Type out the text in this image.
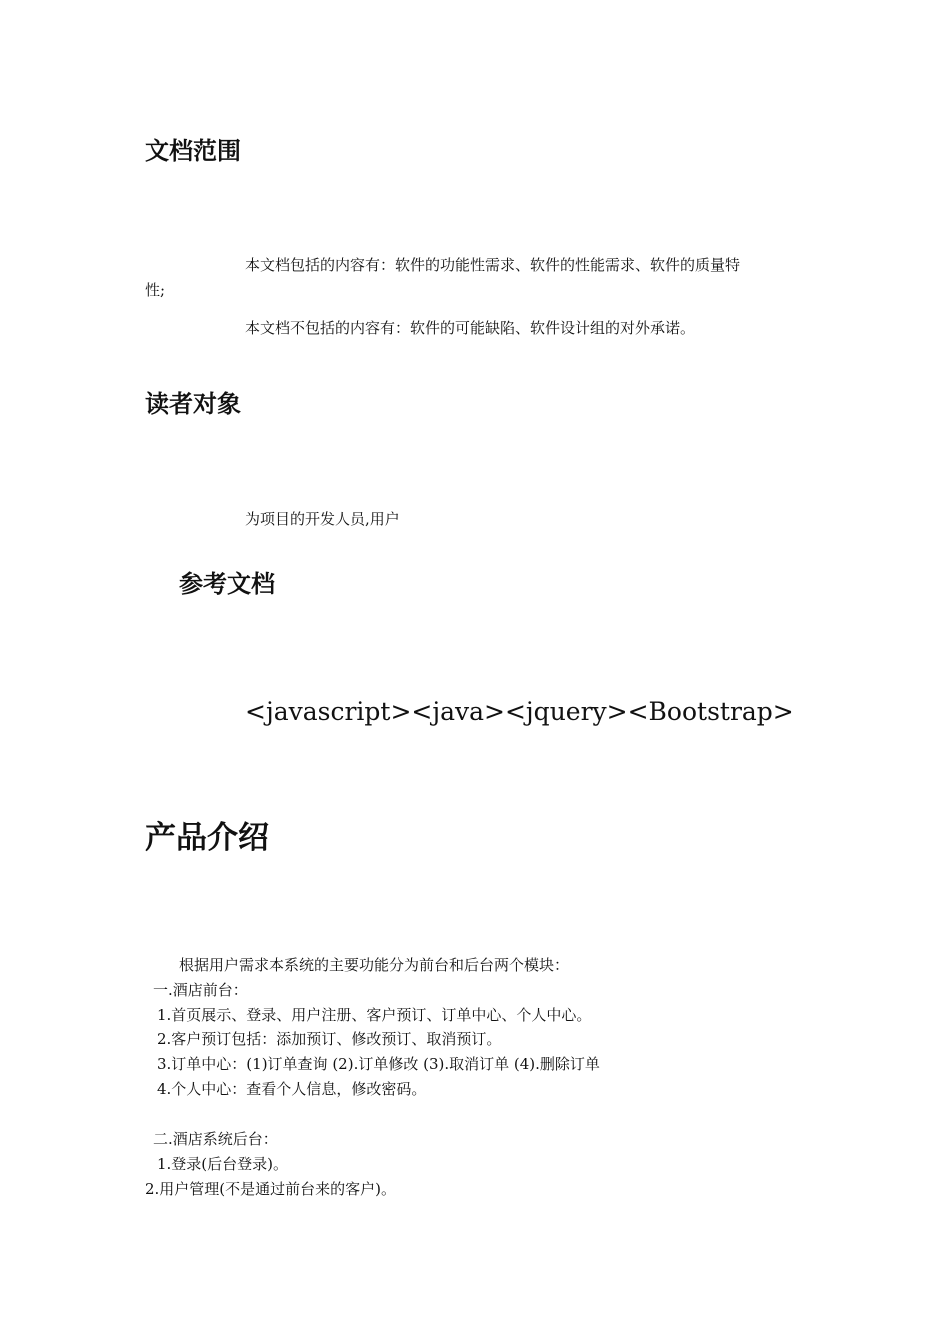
文档范围

本文档包括的内容有：软件的功能性需求、软件的性能需求、软件的质量特

性;

本文档不包括的内容有：软件的可能缺陷、软件设计组的对外承诺。

读者对象

为项目的开发人员,用户

参考文档

<javascript><java><jquery><Bootstrap>

产品介绍

根据用户需求本系统的主要功能分为前台和后台两个模块：

一.酒店前台：

1.首页展示、登录、用户注册、客户预订、订单中心、个人中心。

2.客户预订包括：添加预订、修改预订、取消预订。

3.订单中心：(1)订单查询 (2).订单修改 (3).取消订单 (4).删除订单

4.个人中心：查看个人信息，修改密码。

二.酒店系统后台：

1.登录(后台登录)。

2.用户管理(不是通过前台来的客户)。
